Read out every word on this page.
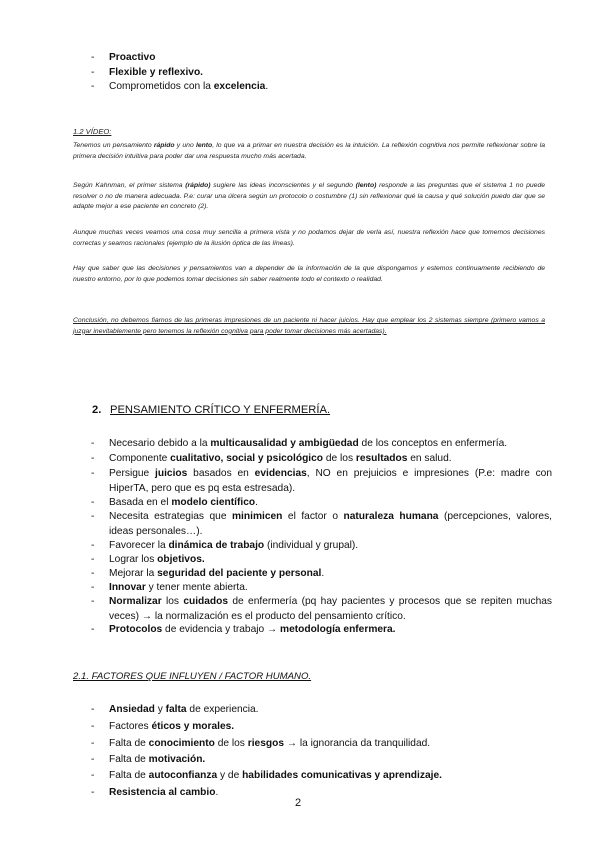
- Proactivo
- Flexible y reflexivo.
- Comprometidos con la excelencia.
1.2 VÍDEO:
Tenemos un pensamiento rápido y uno lento, lo que va a primar en nuestra decisión es la intuición. La reflexión cognitiva nos permite reflexionar sobre la primera decisión intuitiva para poder dar una respuesta mucho más acertada.
Según Kahnman, el primer sistema (rápido) sugiere las ideas inconscientes y el segundo (lento) responde a las preguntas que el sistema 1 no puede resolver o no de manera adecuada. P.e: curar una úlcera según un protocolo o costumbre (1) sin reflexionar qué la causa y qué solución puedo dar que se adapte mejor a ese paciente en concreto (2).
Aunque muchas veces veamos una cosa muy sencilla a primera vista y no podamos dejar de verla así, nuestra reflexión hace que tomemos decisiones correctas y seamos racionales (ejemplo de la ilusión óptica de las líneas).
Hay que saber que las decisiones y pensamientos van a depender de la información de la que dispongamos y estemos continuamente recibiendo de nuestro entorno, por lo que podemos tomar decisiones sin saber realmente todo el contexto o realidad.
Conclusión, no debemos fiarnos de las primeras impresiones de un paciente ni hacer juicios. Hay que emplear los 2 sistemas siempre (primero vamos a juzgar inevitablemente pero tenemos la reflexión cognitiva para poder tomar decisiones más acertadas).
2. PENSAMIENTO CRÍTICO Y ENFERMERÍA.
- Necesario debido a la multicausalidad y ambigüedad de los conceptos en enfermería.
- Componente cualitativo, social y psicológico de los resultados en salud.
- Persigue juicios basados en evidencias, NO en prejuicios e impresiones (P.e: madre con HiperTA, pero que es pq esta estresada).
- Basada en el modelo científico.
- Necesita estrategias que minimicen el factor o naturaleza humana (percepciones, valores, ideas personales…).
- Favorecer la dinámica de trabajo (individual y grupal).
- Lograr los objetivos.
- Mejorar la seguridad del paciente y personal.
- Innovar y tener mente abierta.
- Normalizar los cuidados de enfermería (pq hay pacientes y procesos que se repiten muchas veces) → la normalización es el producto del pensamiento crítico.
- Protocolos de evidencia y trabajo → metodología enfermera.
2.1. FACTORES QUE INFLUYEN / FACTOR HUMANO.
- Ansiedad y falta de experiencia.
- Factores éticos y morales.
- Falta de conocimiento de los riesgos → la ignorancia da tranquilidad.
- Falta de motivación.
- Falta de autoconfianza y de habilidades comunicativas y aprendizaje.
- Resistencia al cambio.
2
